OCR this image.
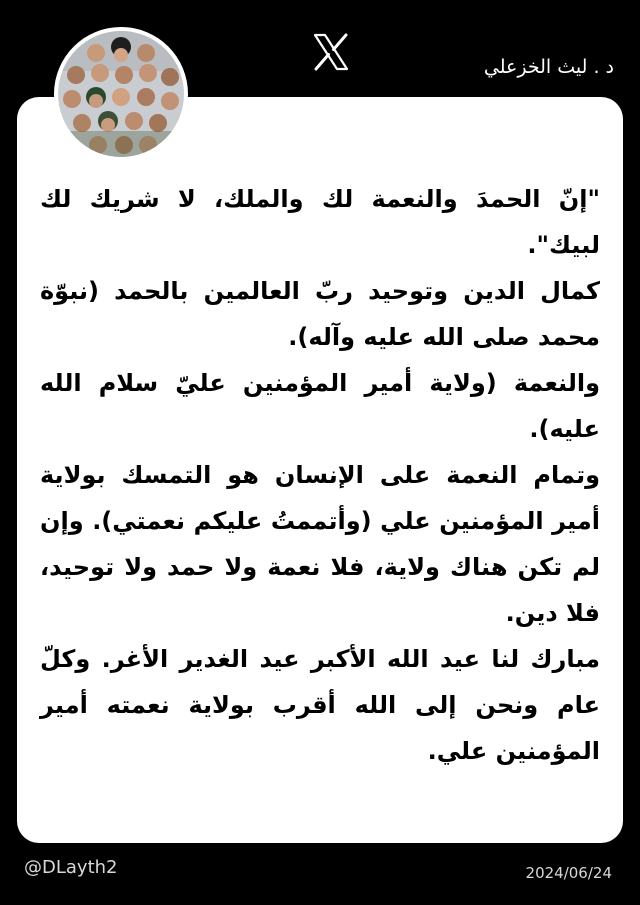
د . ليث الخزعلي

"إنّ الحمدَ والنعمة لك والملك، لا شريك لك لبيك".

كمال الدين وتوحيد ربّ العالمين بالحمد (نبوّة محمد صلى الله عليه وآله).

والنعمة (ولاية أمير المؤمنين عليّ سلام الله عليه).

وتمام النعمة على الإنسان هو التمسك بولاية أمير المؤمنين علي (وأتممتُ عليكم نعمتي). وإن لم تكن هناك ولاية، فلا نعمة ولا حمد ولا توحيد، فلا دين.

مبارك لنا عيد الله الأكبر عيد الغدير الأغر. وكلّ عام ونحن إلى الله أقرب بولاية نعمته أمير المؤمنين علي.

@DLayth2	2024/06/24
